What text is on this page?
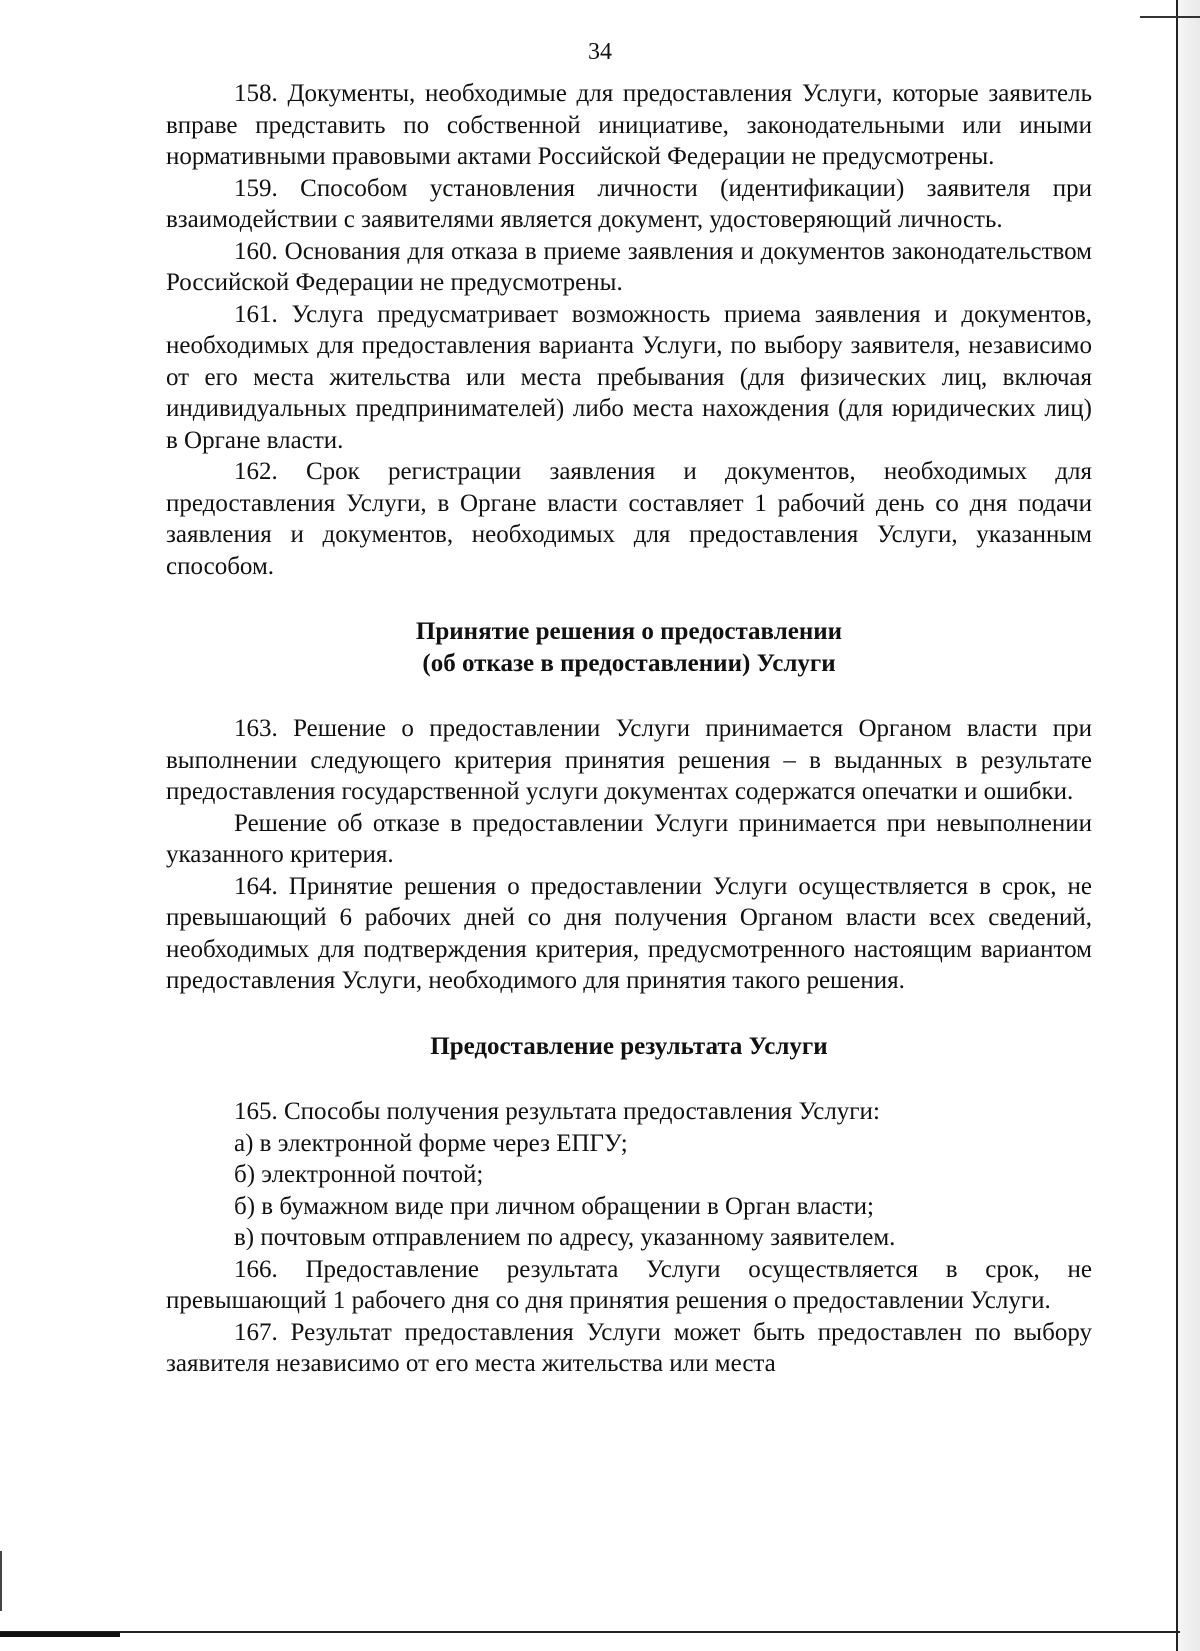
34

158. Документы, необходимые для предоставления Услуги, которые заявитель вправе представить по собственной инициативе, законодательными или иными нормативными правовыми актами Российской Федерации не предусмотрены.

159. Способом установления личности (идентификации) заявителя при взаимодействии с заявителями является документ, удостоверяющий личность.

160. Основания для отказа в приеме заявления и документов законодательством Российской Федерации не предусмотрены.

161. Услуга предусматривает возможность приема заявления и документов, необходимых для предоставления варианта Услуги, по выбору заявителя, независимо от его места жительства или места пребывания (для физических лиц, включая индивидуальных предпринимателей) либо места нахождения (для юридических лиц) в Органе власти.

162. Срок регистрации заявления и документов, необходимых для предоставления Услуги, в Органе власти составляет 1 рабочий день со дня подачи заявления и документов, необходимых для предоставления Услуги, указанным способом.

Принятие решения о предоставлении

(об отказе в предоставлении) Услуги

163. Решение о предоставлении Услуги принимается Органом власти при выполнении следующего критерия принятия решения – в выданных в результате предоставления государственной услуги документах содержатся опечатки и ошибки.

Решение об отказе в предоставлении Услуги принимается при невыполнении указанного критерия.

164. Принятие решения о предоставлении Услуги осуществляется в срок, не превышающий 6 рабочих дней со дня получения Органом власти всех сведений, необходимых для подтверждения критерия, предусмотренного настоящим вариантом предоставления Услуги, необходимого для принятия такого решения.

Предоставление результата Услуги

165. Способы получения результата предоставления Услуги:

а) в электронной форме через ЕПГУ;

б) электронной почтой;

б) в бумажном виде при личном обращении в Орган власти;

в) почтовым отправлением по адресу, указанному заявителем.

166. Предоставление результата Услуги осуществляется в срок, не превышающий 1 рабочего дня со дня принятия решения о предоставлении Услуги.

167. Результат предоставления Услуги может быть предоставлен по выбору заявителя независимо от его места жительства или места
